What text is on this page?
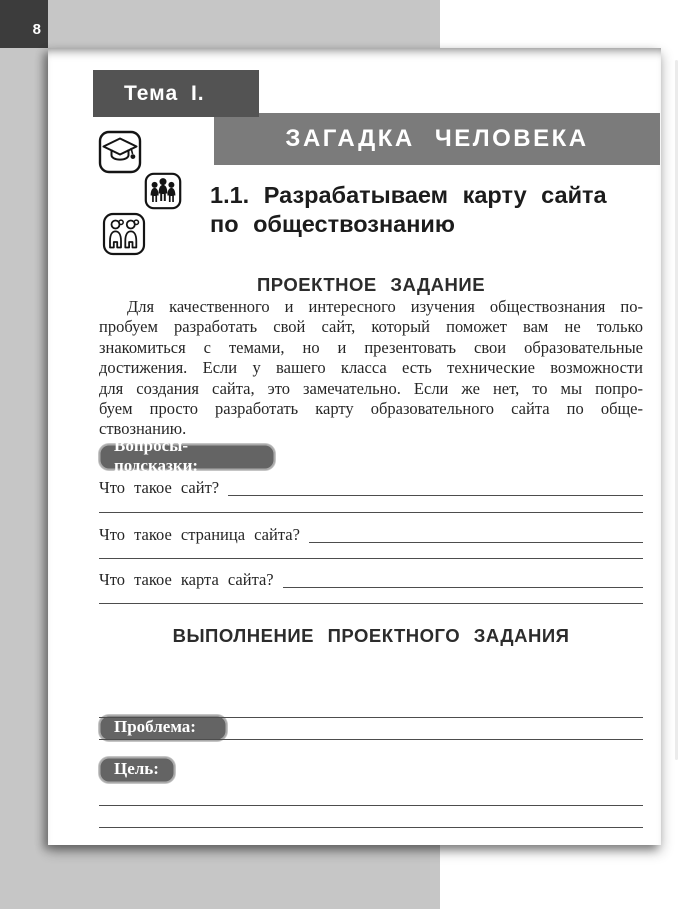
8
ЗАГАДКА ЧЕЛОВЕКА
Тема I.
1.1. Разрабатываем карту сайта
по обществознанию
ПРОЕКТНОЕ ЗАДАНИЕ
Для качественного и интересного изучения обществознания по-
пробуем разработать свой сайт, который поможет вам не только
знакомиться с темами, но и презентовать свои образовательные
достижения. Если у вашего класса есть технические возможности
для создания сайта, это замечательно. Если же нет, то мы попро-
буем просто разработать карту образовательного сайта по обще-
ствознанию.
Вопросы-подсказки:
Что такое сайт?
Что такое страница сайта?
Что такое карта сайта?
ВЫПОЛНЕНИЕ ПРОЕКТНОГО ЗАДАНИЯ
Проблема:
Цель:
